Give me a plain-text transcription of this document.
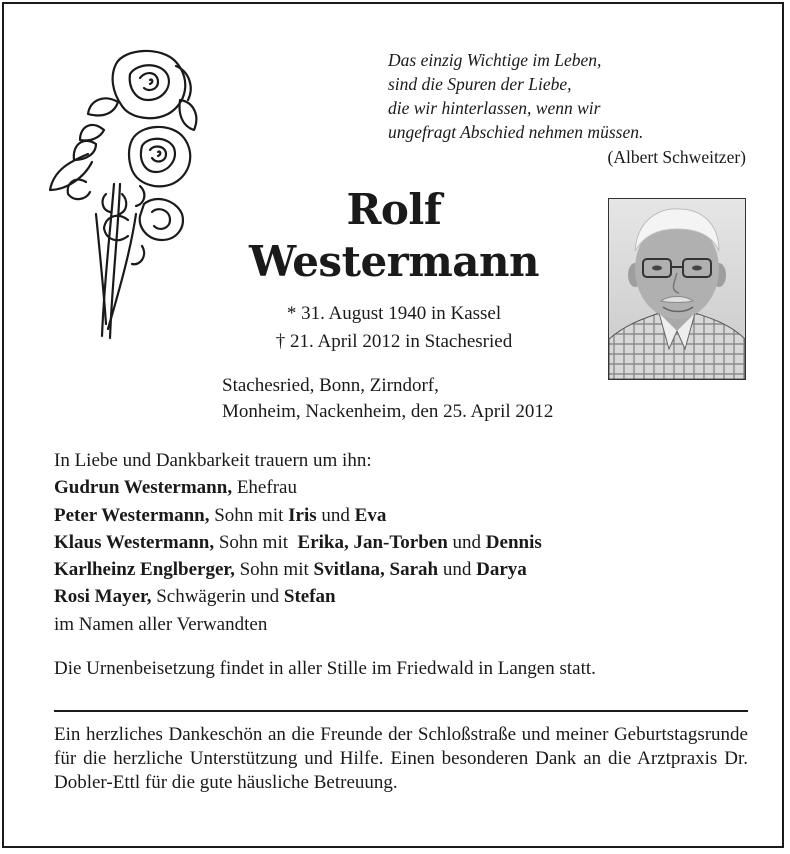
Das einzig Wichtige im Leben,
sind die Spuren der Liebe,
die wir hinterlassen, wenn wir
ungefragt Abschied nehmen müssen.
(Albert Schweitzer)
Rolf
Westermann
* 31. August 1940 in Kassel
† 21. April 2012 in Stachesried
Stachesried, Bonn, Zirndorf,
Monheim, Nackenheim, den 25. April 2012
In Liebe und Dankbarkeit trauern um ihn:
Gudrun Westermann, Ehefrau
Peter Westermann, Sohn mit Iris und Eva
Klaus Westermann, Sohn mit  Erika, Jan-Torben und Dennis
Karlheinz Englberger, Sohn mit Svitlana, Sarah und Darya
Rosi Mayer, Schwägerin und Stefan
im Namen aller Verwandten
Die Urnenbeisetzung findet in aller Stille im Friedwald in Langen statt.
Ein herzliches Dankeschön an die Freunde der Schloßstraße und meiner Geburtstagsrunde für die herzliche Unterstützung und Hilfe. Einen besonderen Dank an die Arztpraxis Dr. Dobler-Ettl für die gute häusliche Betreuung.
